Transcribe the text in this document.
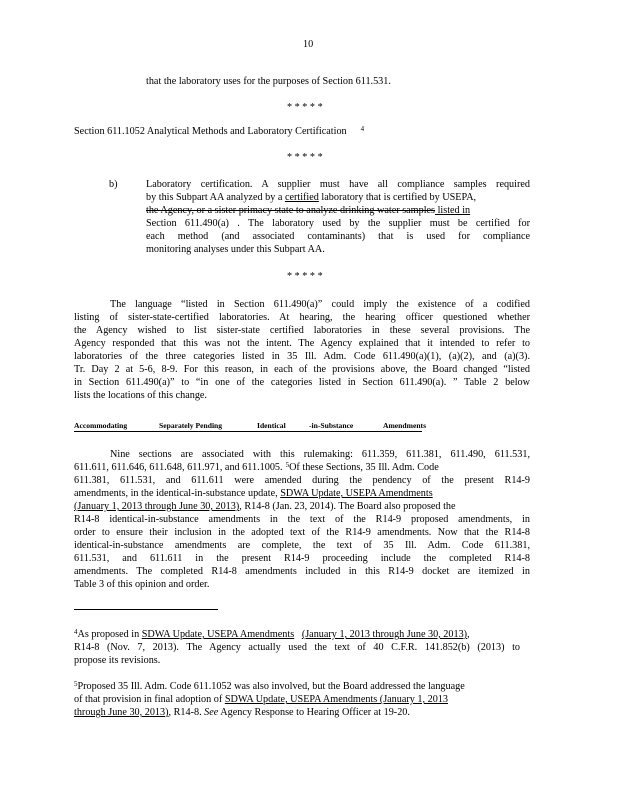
10
that the laboratory uses for the purposes of Section 611.531.
* * * * *
Section 611.1052 Analytical Methods and Laboratory Certification $^4$
* * * * *
b)	Laboratory certification. A supplier must have all compliance samples required
by this Subpart AA analyzed by a certified laboratory that is certified by USEPA,
the Agency, or a sister primacy state to analyze drinking water samples listed in
Section 611.490(a) . The laboratory used by the supplier must be certified for
each method (and associated contaminants) that is used for compliance
monitoring analyses under this Subpart AA.
* * * * *
The language “listed in Section 611.490(a)” could imply the existence of a codified
listing of sister-state-certified laboratories. At hearing, the hearing officer questioned whether
the Agency wished to list sister-state certified laboratories in these several provisions. The
Agency responded that this was not the intent. The Agency explained that it intended to refer to
laboratories of the three categories listed in 35 Ill. Adm. Code 611.490(a)(1), (a)(2), and (a)(3).
Tr. Day 2 at 5-6, 8-9. For this reason, in each of the provisions above, the Board changed “listed
in Section 611.490(a)” to “in one of the categories listed in Section 611.490(a). ” Table 2 below
lists the locations of this change.
Accommodating	Separately Pending	Identical	-in-Substance	Amendments
Nine sections are associated with this rulemaking: 611.359, 611.381, 611.490, 611.531,
611.611, 611.646, 611.648, 611.971, and 611.1005. $^5$Of these Sections, 35 Ill. Adm. Code
611.381, 611.531, and 611.611 were amended during the pendency of the present R14-9
amendments, in the identical-in-substance update, SDWA Update, USEPA Amendments
(January 1, 2013 through June 30, 2013), R14-8 (Jan. 23, 2014). The Board also proposed the
R14-8 identical-in-substance amendments in the text of the R14-9 proposed amendments, in
order to ensure their inclusion in the adopted text of the R14-9 amendments. Now that the R14-8
identical-in-substance amendments are complete, the text of 35 Ill. Adm. Code 611.381,
611.531, and 611.611 in the present R14-9 proceeding include the completed R14-8
amendments. The completed R14-8 amendments included in this R14-9 docket are itemized in
Table 3 of this opinion and order.
$^4$As proposed in SDWA Update, USEPA Amendments (January 1, 2013 through June 30, 2013),
R14-8 (Nov. 7, 2013). The Agency actually used the text of 40 C.F.R. 141.852(b) (2013) to
propose its revisions.
$^5$Proposed 35 Ill. Adm. Code 611.1052 was also involved, but the Board addressed the language
of that provision in final adoption of SDWA Update, USEPA Amendments (January 1, 2013
through June 30, 2013), R14-8. See Agency Response to Hearing Officer at 19-20.
